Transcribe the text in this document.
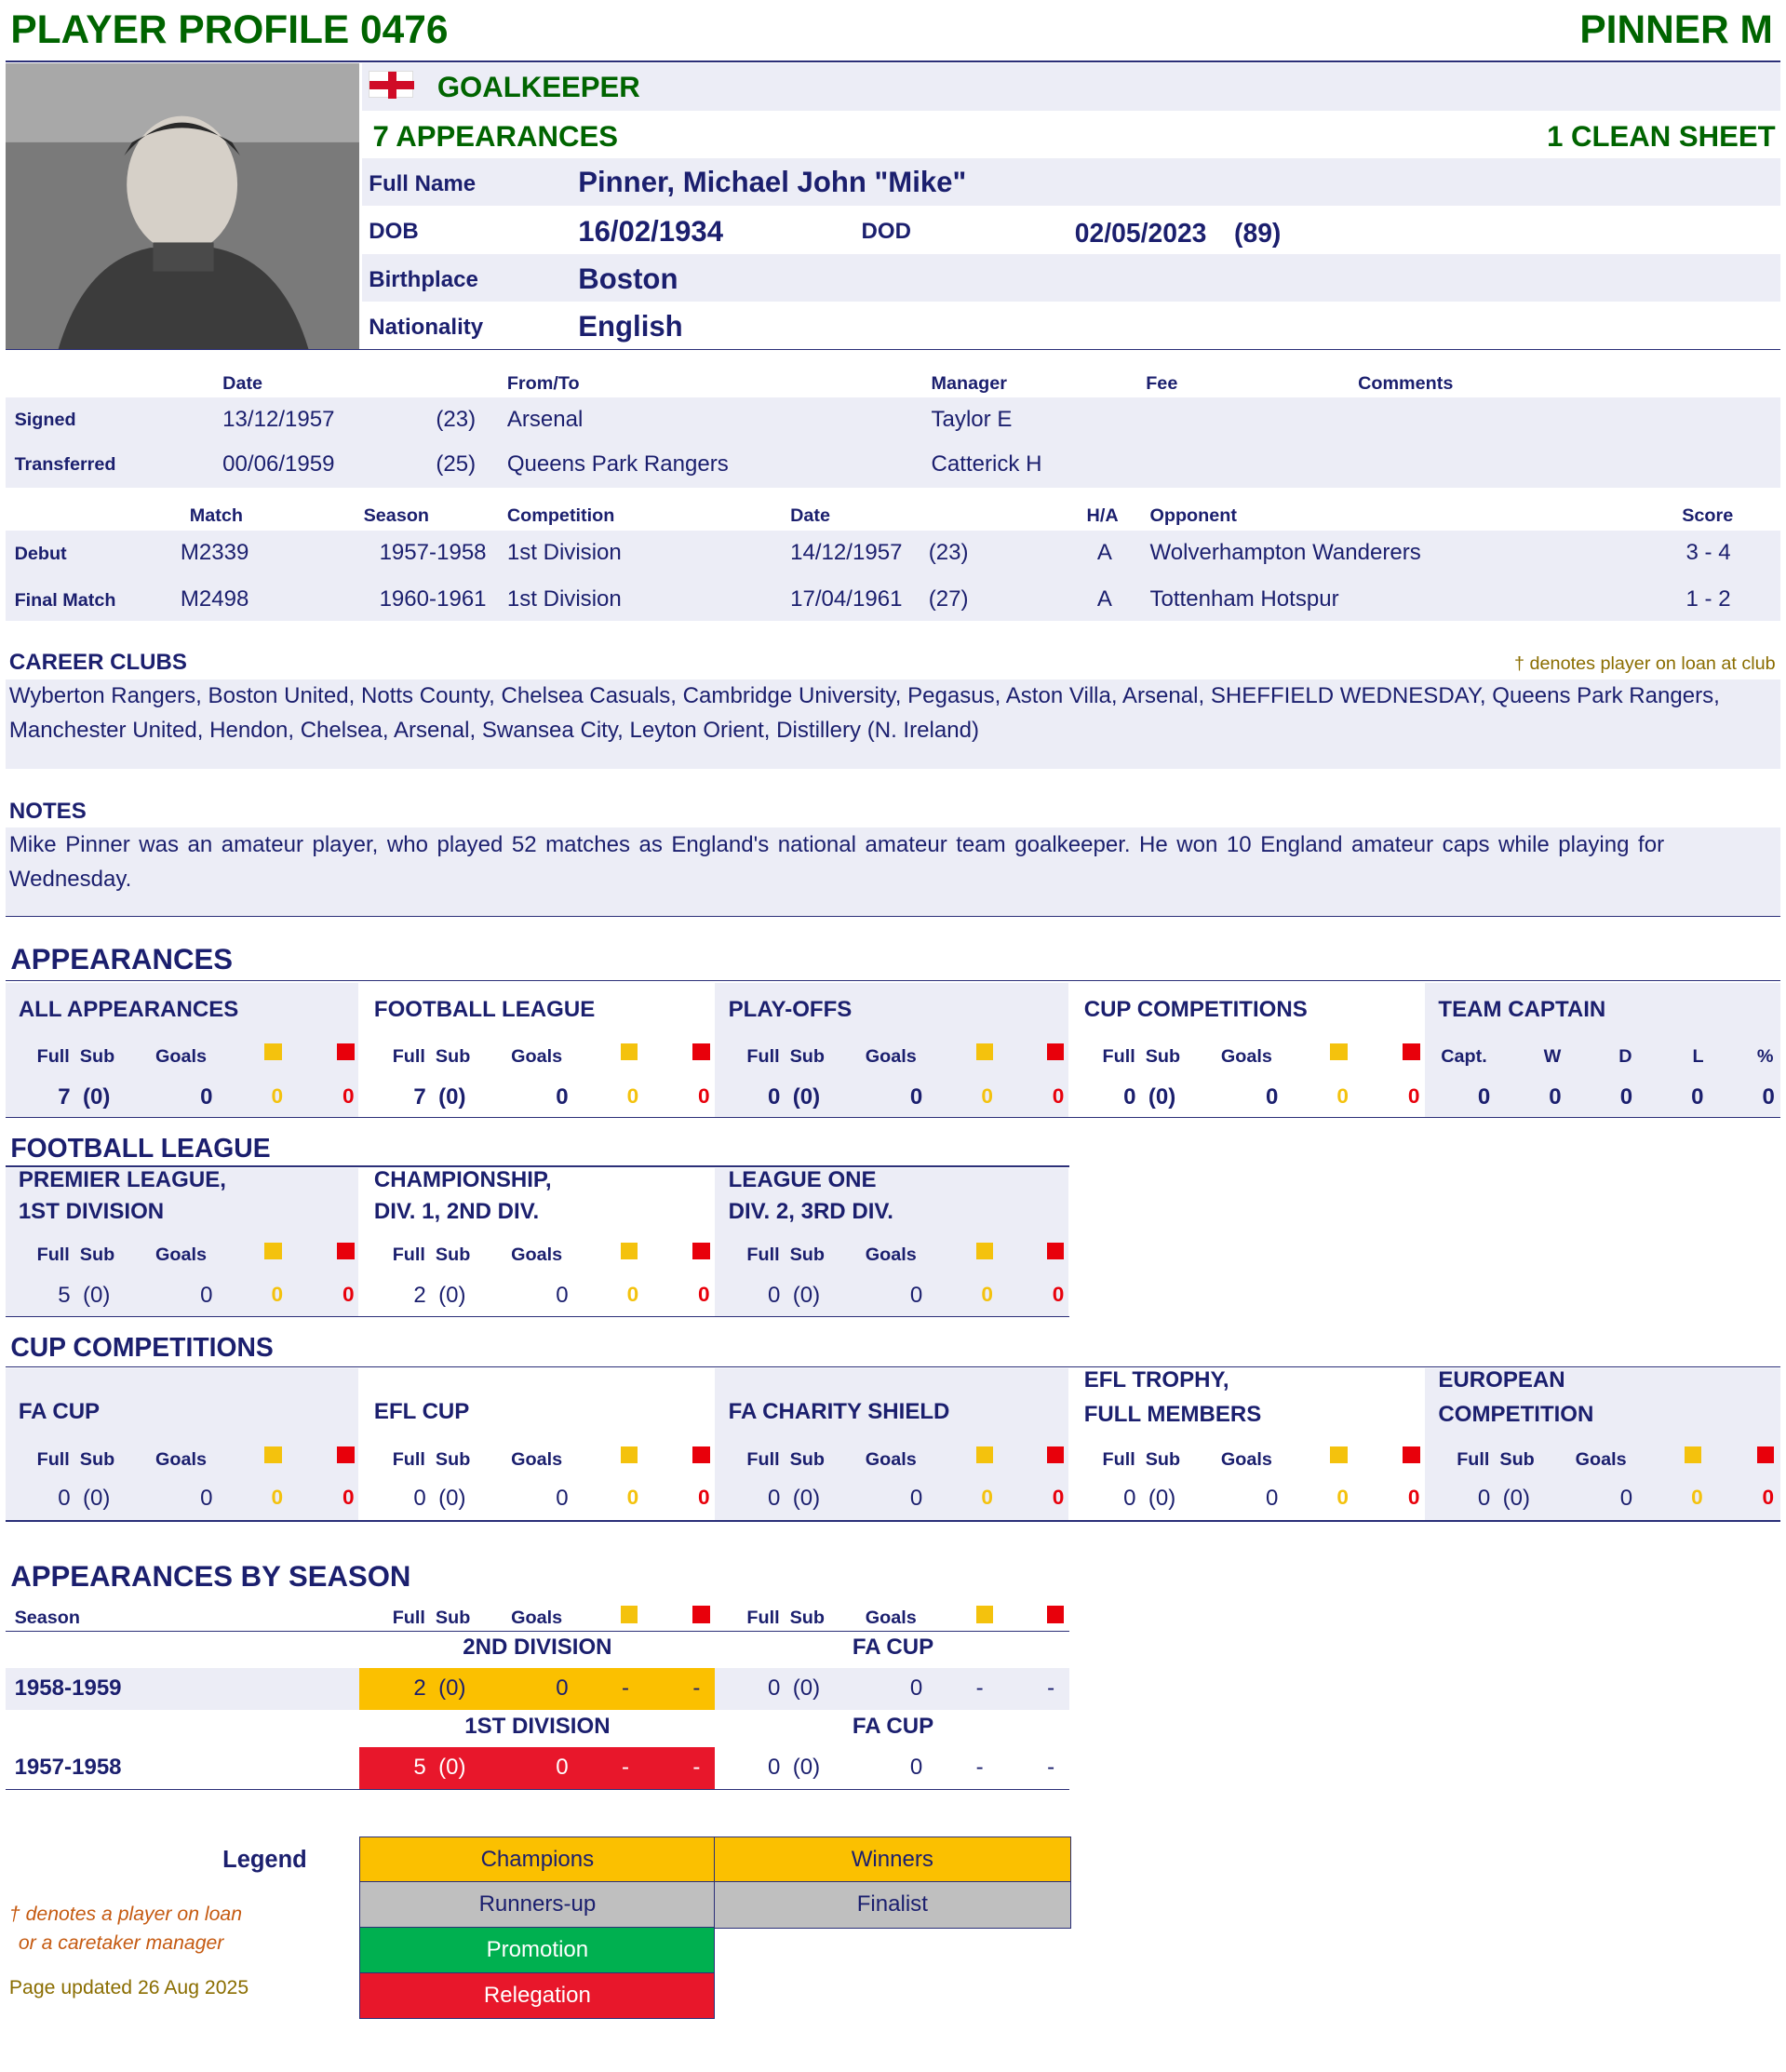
PLAYER PROFILE 0476	PINNER M
GOALKEEPER
7 APPEARANCES	1 CLEAN SHEET
Full Name	Pinner, Michael John "Mike"
DOB	16/02/1934	DOD	02/05/2023 (89)
Birthplace	Boston
Nationality	English
Date	From/To	Manager	Fee	Comments
Signed	13/12/1957	(23) Arsenal	Taylor E
Transferred	00/06/1959	(25) Queens Park Rangers	Catterick H
Match	Season	Competition	Date	H/A Opponent	Score
Debut	M2339	1957-1958 1st Division	14/12/1957 (23)	A Wolverhampton Wanderers	3 - 4
Final Match	M2498	1960-1961 1st Division	17/04/1961 (27)	A Tottenham Hotspur	1 - 2
CAREER CLUBS	† denotes player on loan at club
Wyberton Rangers, Boston United, Notts County, Chelsea Casuals, Cambridge University, Pegasus, Aston Villa, Arsenal, SHEFFIELD WEDNESDAY, Queens Park Rangers,
Manchester United, Hendon, Chelsea, Arsenal, Swansea City, Leyton Orient, Distillery (N. Ireland)
NOTES
Mike Pinner was an amateur player, who played 52 matches as England's national amateur team goalkeeper. He won 10 England amateur caps while playing for
Wednesday.
APPEARANCES
ALL APPEARANCES
Full  Sub	Goals
7  (0)	0	0	0
FOOTBALL LEAGUE
Full  Sub	Goals
7  (0)	0	0	0
PLAY-OFFS
Full  Sub	Goals
0  (0)	0	0	0
CUP COMPETITIONS
Full  Sub	Goals
0  (0)	0	0	0
TEAM CAPTAIN
Capt.	W	D	L	%
0	0	0	0	0
FOOTBALL LEAGUE
PREMIER LEAGUE,
1ST DIVISION
Full  Sub	Goals
5  (0)	0	0	0
CHAMPIONSHIP,
DIV. 1, 2ND DIV.
Full  Sub	Goals
2  (0)	0	0	0
LEAGUE ONE
DIV. 2, 3RD DIV.
Full  Sub	Goals
0  (0)	0	0	0
CUP COMPETITIONS
FA CUP
Full  Sub	Goals
0  (0)	0	0	0
EFL CUP
Full  Sub	Goals
0  (0)	0	0	0
FA CHARITY SHIELD
Full  Sub	Goals
0  (0)	0	0	0
EFL TROPHY,
FULL MEMBERS
Full  Sub	Goals
0  (0)	0	0	0
EUROPEAN
COMPETITION
Full  Sub	Goals
0  (0)	0	0	0
APPEARANCES BY SEASON
Season	Full  Sub	Goals	Full  Sub	Goals
2ND DIVISION	FA CUP
1958-1959	2  (0)	0	-	-	0  (0)	0	-	-
1ST DIVISION	FA CUP
1957-1958	5  (0)	0	-	-	0  (0)	0	-	-
Legend	Champions	Winners
Runners-up	Finalist
Promotion
Relegation
† denotes a player on loan
or a caretaker manager
Page updated 26 Aug 2025
